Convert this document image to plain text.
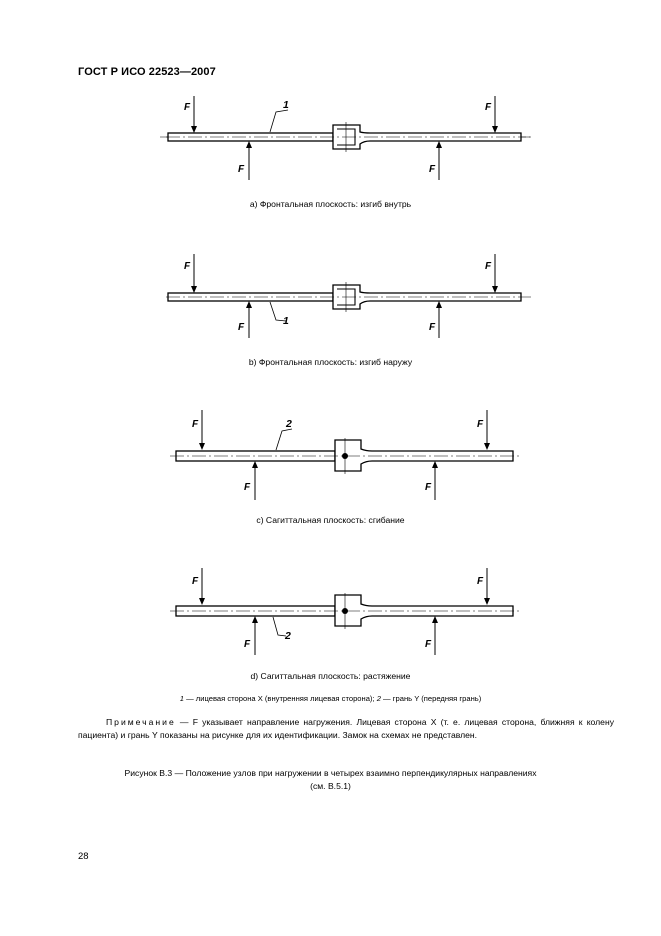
ГОСТ Р ИСО 22523—2007
F	F
F	F
1
а) Фронтальная плоскость: изгиб внутрь
F	F
F	F
1
b) Фронтальная плоскость: изгиб наружу
F	F
F	F
2
c) Сагиттальная плоскость: сгибание
F	F
F	F
2
d) Сагиттальная плоскость: растяжение
1 — лицевая сторона X (внутренняя лицевая сторона); 2 — грань Y (передняя грань)
Примечание — F указывает направление нагружения. Лицевая сторона X (т. е. лицевая сторона, ближняя к колену пациента) и грань Y показаны на рисунке для их идентификации. Замок на схемах не представлен.
Рисунок В.3 — Положение узлов при нагружении в четырех взаимно перпендикулярных направлениях
(см. В.5.1)
28
